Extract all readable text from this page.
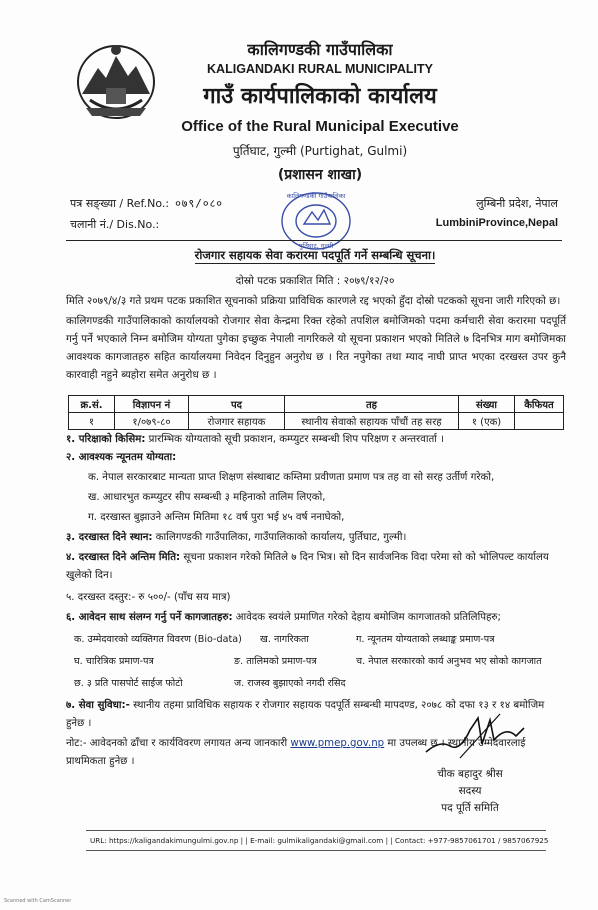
कालिगण्डकी गाउँपालिका
KALIGANDAKI RURAL MUNICIPALITY
गाउँ कार्यपालिकाको कार्यालय
Office of the Rural Municipal Executive
पुर्तिघाट, गुल्मी (Purtighat, Gulmi)
(प्रशासन शाखा)
पत्र सङ्ख्या / Ref.No.: ०७९/०८०
चलानी नं./ Dis.No.:
लुम्बिनी प्रदेश, नेपाल
LumbiniProvince,Nepal
कालिगण्डकी गाउँपालिका
पुर्तिघाट, गुल्मी
रोजगार सहायक सेवा करारमा पदपूर्ति गर्ने सम्बन्धि सूचना।
दोस्रो पटक प्रकाशित मिति : २०७९/१२/२०
मिति २०७९/४/३ गते प्रथम पटक प्रकाशित सूचनाको प्रक्रिया प्राविधिक कारणले रद्द भएको हुँदा दोस्रो पटकको सूचना जारी गरिएको छ।
कालिगण्डकी गाउँपालिकाको कार्यालयको रोजगार सेवा केन्द्रमा रिक्त रहेको तपशिल बमोजिमको पदमा कर्मचारी सेवा करारमा पदपूर्ति गर्नु पर्ने भएकाले निम्न बमोजिम योग्यता पुगेका इच्छुक नेपाली नागरिकले यो सूचना प्रकाशन भएको मितिले ७ दिनभित्र माग बमोजिमका आवश्यक कागजातहरु सहित कार्यालयमा निवेदन दिनुहुन अनुरोध छ । रित नपुगेका तथा म्याद नाघी प्राप्त भएका दरखस्त उपर कुनै कारवाही नहुने ब्यहोरा समेत अनुरोध छ ।
क्र.सं.	विज्ञापन नं	पद	तह	संख्या	कैफियत
१	१/०७९-८०	रोजगार सहायक	स्थानीय सेवाको सहायक पाँचौं तह सरह	१ (एक)	
१. परिक्षाको किसिम: प्रारम्भिक योग्यताको सूची प्रकाशन, कम्प्युटर सम्बन्धी शिप परिक्षण र अन्तरवार्ता ।
२. आवश्यक न्यूनतम योग्यता:
क. नेपाल सरकारबाट मान्यता प्राप्त शिक्षण संस्थाबाट कम्तिमा प्रवीणता प्रमाण पत्र तह वा सो सरह उर्तीर्ण गरेको,
ख. आधारभुत कम्प्युटर सीप सम्बन्धी ३ महिनाको तालिम लिएको,
ग. दरखास्त बुझाउने अन्तिम मितिमा १८ वर्ष पुरा भई ४५ वर्ष ननाघेको,
३. दरखास्त दिने स्थान: कालिगण्डकी गाउँपालिका, गाउँपालिकाको कार्यालय, पुर्तिघाट, गुल्मी।
४. दरखास्त दिने अन्तिम मिति: सूचना प्रकाशन गरेको मितिले ७ दिन भित्र। सो दिन सार्वजनिक विदा परेमा सो को भोलिपल्ट कार्यालय
खुलेको दिन।
५. दरखस्त दस्तुर:- रु ५००/- (पाँच सय मात्र)
६. आवेदन साथ संलग्न गर्नु पर्ने कागजातहरु: आवेदक स्वयंले प्रमाणित गरेको देहाय बमोजिम कागजातको प्रतिलिपिहरु;
क. उम्मेदवारको व्यक्तिगत विवरण (Bio-data) ख. नागरिकता	ग. न्यूनतम योग्यताको लब्धाङ्क प्रमाण-पत्र
घ. चारित्रिक प्रमाण-पत्र	ङ. तालिमको प्रमाण-पत्र	च. नेपाल सरकारको कार्य अनुभव भए सोको कागजात
छ. ३ प्रति पासपोर्ट साईज फोटो	ज. राजस्व बुझाएको नगदी रसिद
७. सेवा सुविधा:- स्थानीय तहमा प्राविधिक सहायक र रोजगार सहायक पदपूर्ति सम्बन्धी मापदण्ड, २०७८ को दफा १३ र १४ बमोजिम
हुनेछ ।
नोट:- आवेदनको ढाँचा र कार्यविवरण लगायत अन्य जानकारी www.pmep.gov.np मा उपलब्ध छ । स्थानीय उम्मेदवारलाई
प्राथमिकता हुनेछ ।
चीक बहादुर श्रीस
सदस्य
पद पूर्ति समिति
URL: https://kaligandakimungulmi.gov.np | | E-mail: gulmikaligandaki@gmail.com | | Contact: +977-9857061701 / 9857067925
Scanned with CamScanner
